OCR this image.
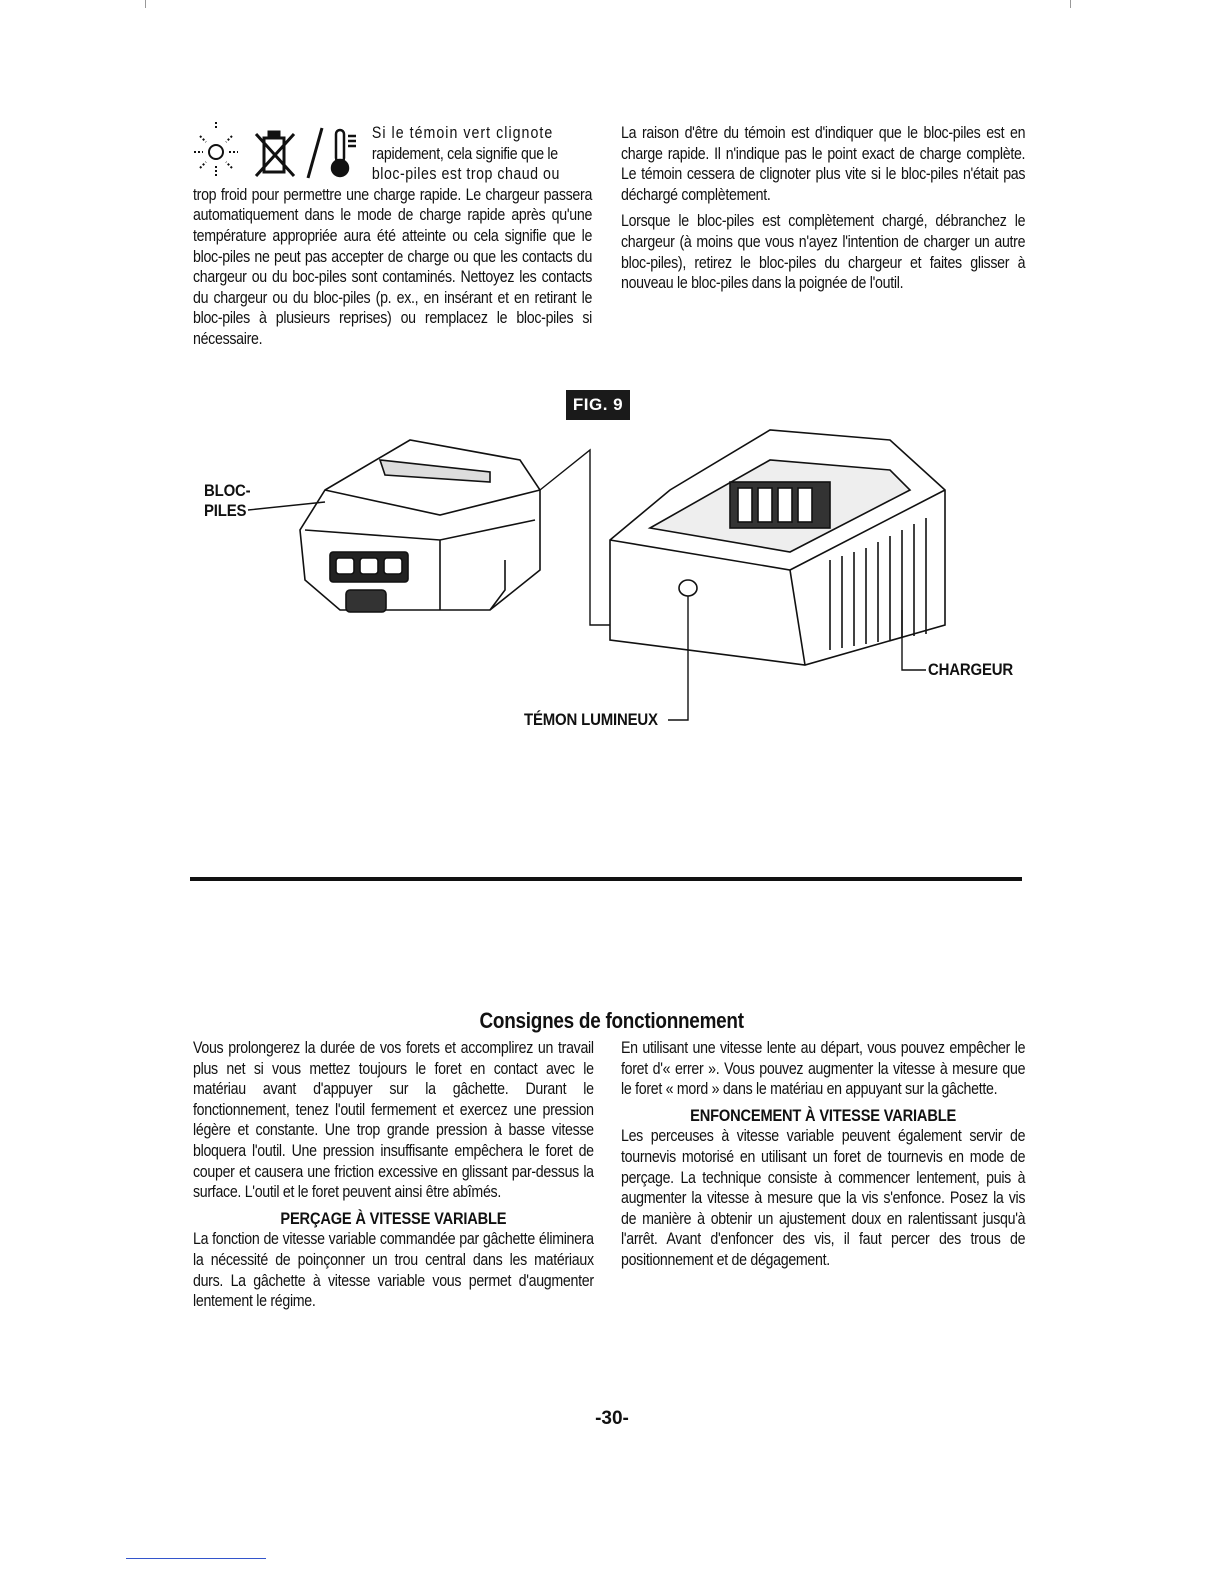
Si le témoin vert clignote
rapidement, cela signifie que le
bloc-piles est trop chaud ou
trop froid pour permettre une charge rapide. Le chargeur passera automatiquement dans le mode de charge rapide après qu'une température appropriée aura été atteinte ou cela signifie que le bloc-piles ne peut pas accepter de charge ou que les contacts du chargeur ou du boc-piles sont contaminés. Nettoyez les contacts du chargeur ou du bloc-piles (p. ex., en insérant et en retirant le bloc-piles à plusieurs reprises) ou remplacez le bloc-piles si nécessaire.

La raison d'être du témoin est d'indiquer que le bloc-piles est en charge rapide. Il n'indique pas le point exact de charge complète. Le témoin cessera de clignoter plus vite si le bloc-piles n'était pas déchargé complètement.

Lorsque le bloc-piles est complètement chargé, débranchez le chargeur (à moins que vous n'ayez l'intention de charger un autre bloc-piles), retirez le bloc-piles du chargeur et faites glisser à nouveau le bloc-piles dans la poignée de l'outil.

FIG. 9
BLOC-
PILES
CHARGEUR
TÉMON LUMINEUX
Consignes de fonctionnement

Vous prolongerez la durée de vos forets et accomplirez un travail plus net si vous mettez toujours le foret en contact avec le matériau avant d'appuyer sur la gâchette. Durant le fonctionnement, tenez l'outil fermement et exercez une pression légère et constante. Une trop grande pression à basse vitesse bloquera l'outil. Une pression insuffisante empêchera le foret de couper et causera une friction excessive en glissant par-dessus la surface. L'outil et le foret peuvent ainsi être abîmés.

PERÇAGE À VITESSE VARIABLE

La fonction de vitesse variable commandée par gâchette éliminera la nécessité de poinçonner un trou central dans les matériaux durs. La gâchette à vitesse variable vous permet d'augmenter lentement le régime.

En utilisant une vitesse lente au départ, vous pouvez empêcher le foret d'« errer ». Vous pouvez augmenter la vitesse à mesure que le foret « mord » dans le matériau en appuyant sur la gâchette.

ENFONCEMENT À VITESSE VARIABLE

Les perceuses à vitesse variable peuvent également servir de tournevis motorisé en utilisant un foret de tournevis en mode de perçage. La technique consiste à commencer lentement, puis à augmenter la vitesse à mesure que la vis s'enfonce. Posez la vis de manière à obtenir un ajustement doux en ralentissant jusqu'à l'arrêt. Avant d'enfoncer des vis, il faut percer des trous de positionnement et de dégagement.

-30-
